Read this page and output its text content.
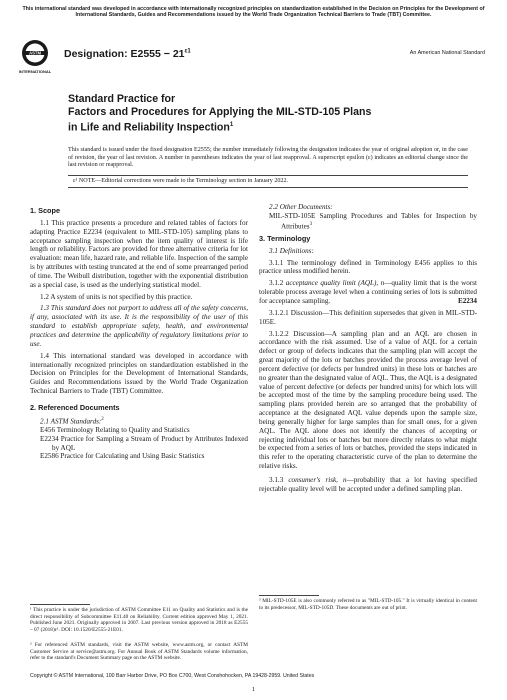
This international standard was developed in accordance with internationally recognized principles on standardization established in the Decision on Principles for the Development of International Standards, Guides and Recommendations issued by the World Trade Organization Technical Barriers to Trade (TBT) Committee.
ASTM
INTERNATIONAL
Designation: $E2555 - 21^{\varepsilon 1}$	An American National Standard
Standard Practice for
Factors and Procedures for Applying the MIL-STD-105 Plans
in Life and Reliability Inspection$^1$
This standard is issued under the fixed designation E2555; the number immediately following the designation indicates the year of original adoption or, in the case of revision, the year of last revision. A number in parentheses indicates the year of last reapproval. A superscript epsilon (ε) indicates an editorial change since the last revision or reapproval.
ε¹ NOTE—Editorial corrections were made to the Terminology section in January 2022.

1. Scope

1.1 This practice presents a procedure and related tables of factors for adapting Practice E2234 (equivalent to MIL-STD-105) sampling plans to acceptance sampling inspection when the item quality of interest is life length or reliability. Factors are provided for three alternative criteria for lot evaluation: mean life, hazard rate, and reliable life. Inspection of the sample is by attributes with testing truncated at the end of some prearranged period of time. The Weibull distribution, together with the exponential distribution as a special case, is used as the underlying statistical model.

1.2 A system of units is not specified by this practice.

1.3 This standard does not purport to address all of the safety concerns, if any, associated with its use. It is the responsibility of the user of this standard to establish appropriate safety, health, and environmental practices and determine the applicability of regulatory limitations prior to use.

1.4 This international standard was developed in accordance with internationally recognized principles on standardization established in the Decision on Principles for the Development of International Standards, Guides and Recommendations issued by the World Trade Organization Technical Barriers to Trade (TBT) Committee.

2. Referenced Documents

2.1 ASTM Standards:$^2$

E456 Terminology Relating to Quality and Statistics

E2234 Practice for Sampling a Stream of Product by Attributes Indexed by AQL

E2586 Practice for Calculating and Using Basic Statistics

2.2 Other Documents:

MIL-STD-105E Sampling Procedures and Tables for Inspection by Attributes$^3$

3. Terminology

3.1 Definitions:

3.1.1 The terminology defined in Terminology E456 applies to this practice unless modified herein.

3.1.2 acceptance quality limit (AQL), n—quality limit that is the worst tolerable process average level when a continuing series of lots is submitted for acceptance sampling.	E2234

3.1.2.1 Discussion—This definition supersedes that given in MIL-STD-105E.

3.1.2.2 Discussion—A sampling plan and an AQL are chosen in accordance with the risk assumed. Use of a value of AQL for a certain defect or group of defects indicates that the sampling plan will accept the great majority of the lots or batches provided the process average level of percent defective (or defects per hundred units) in these lots or batches are no greater than the designated value of AQL. Thus, the AQL is a designated value of percent defective (or defects per hundred units) for which lots will be accepted most of the time by the sampling procedure being used. The sampling plans provided herein are so arranged that the probability of acceptance at the designated AQL value depends upon the sample size, being generally higher for large samples than for small ones, for a given AQL. The AQL alone does not identify the chances of accepting or rejecting individual lots or batches but more directly relates to what might be expected from a series of lots or batches, provided the steps indicated in this refer to the operating characteristic curve of the plan to determine the relative risks.

3.1.3 consumer's risk, n—probability that a lot having specified rejectable quality level will be accepted under a defined sampling plan.

¹ This practice is under the jurisdiction of ASTM Committee E11 on Quality and Statistics and is the direct responsibility of Subcommittee E11.40 on Reliability. Current edition approved May 1, 2021. Published June 2021. Originally approved in 2007. Last previous version approved in 2018 as E2555 – 07 (2018)ε¹. DOI: 10.1520/E2555-21E01.
² For referenced ASTM standards, visit the ASTM website, www.astm.org, or contact ASTM Customer Service at service@astm.org. For Annual Book of ASTM Standards volume information, refer to the standard's Document Summary page on the ASTM website.
³ MIL-STD-105E is also commonly referred to as "MIL-STD-105." It is virtually identical in content to its predecessor, MIL-STD-105D. These documents are out of print.
Copyright © ASTM International, 100 Barr Harbor Drive, PO Box C700, West Conshohocken, PA 19428-2959. United States
1
